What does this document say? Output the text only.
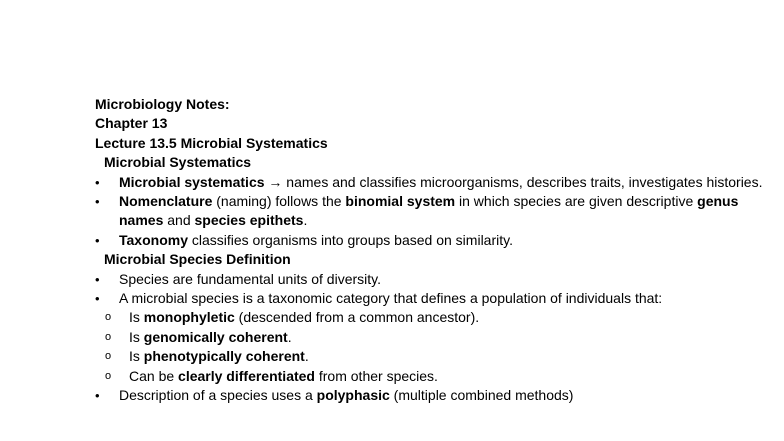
Microbiology Notes:
Chapter 13
Lecture 13.5 Microbial Systematics
Microbial Systematics
•	Microbial systematics → names and classifies microorganisms, describes traits, investigates histories.
•	Nomenclature (naming) follows the binomial system in which species are given descriptive genus names and species epithets.
•	Taxonomy classifies organisms into groups based on similarity.
Microbial Species Definition
•	Species are fundamental units of diversity.
•	A microbial species is a taxonomic category that defines a population of individuals that:
o Is monophyletic (descended from a common ancestor).
o Is genomically coherent.
o Is phenotypically coherent.
o Can be clearly differentiated from other species.
•	Description of a species uses a polyphasic (multiple combined methods)
